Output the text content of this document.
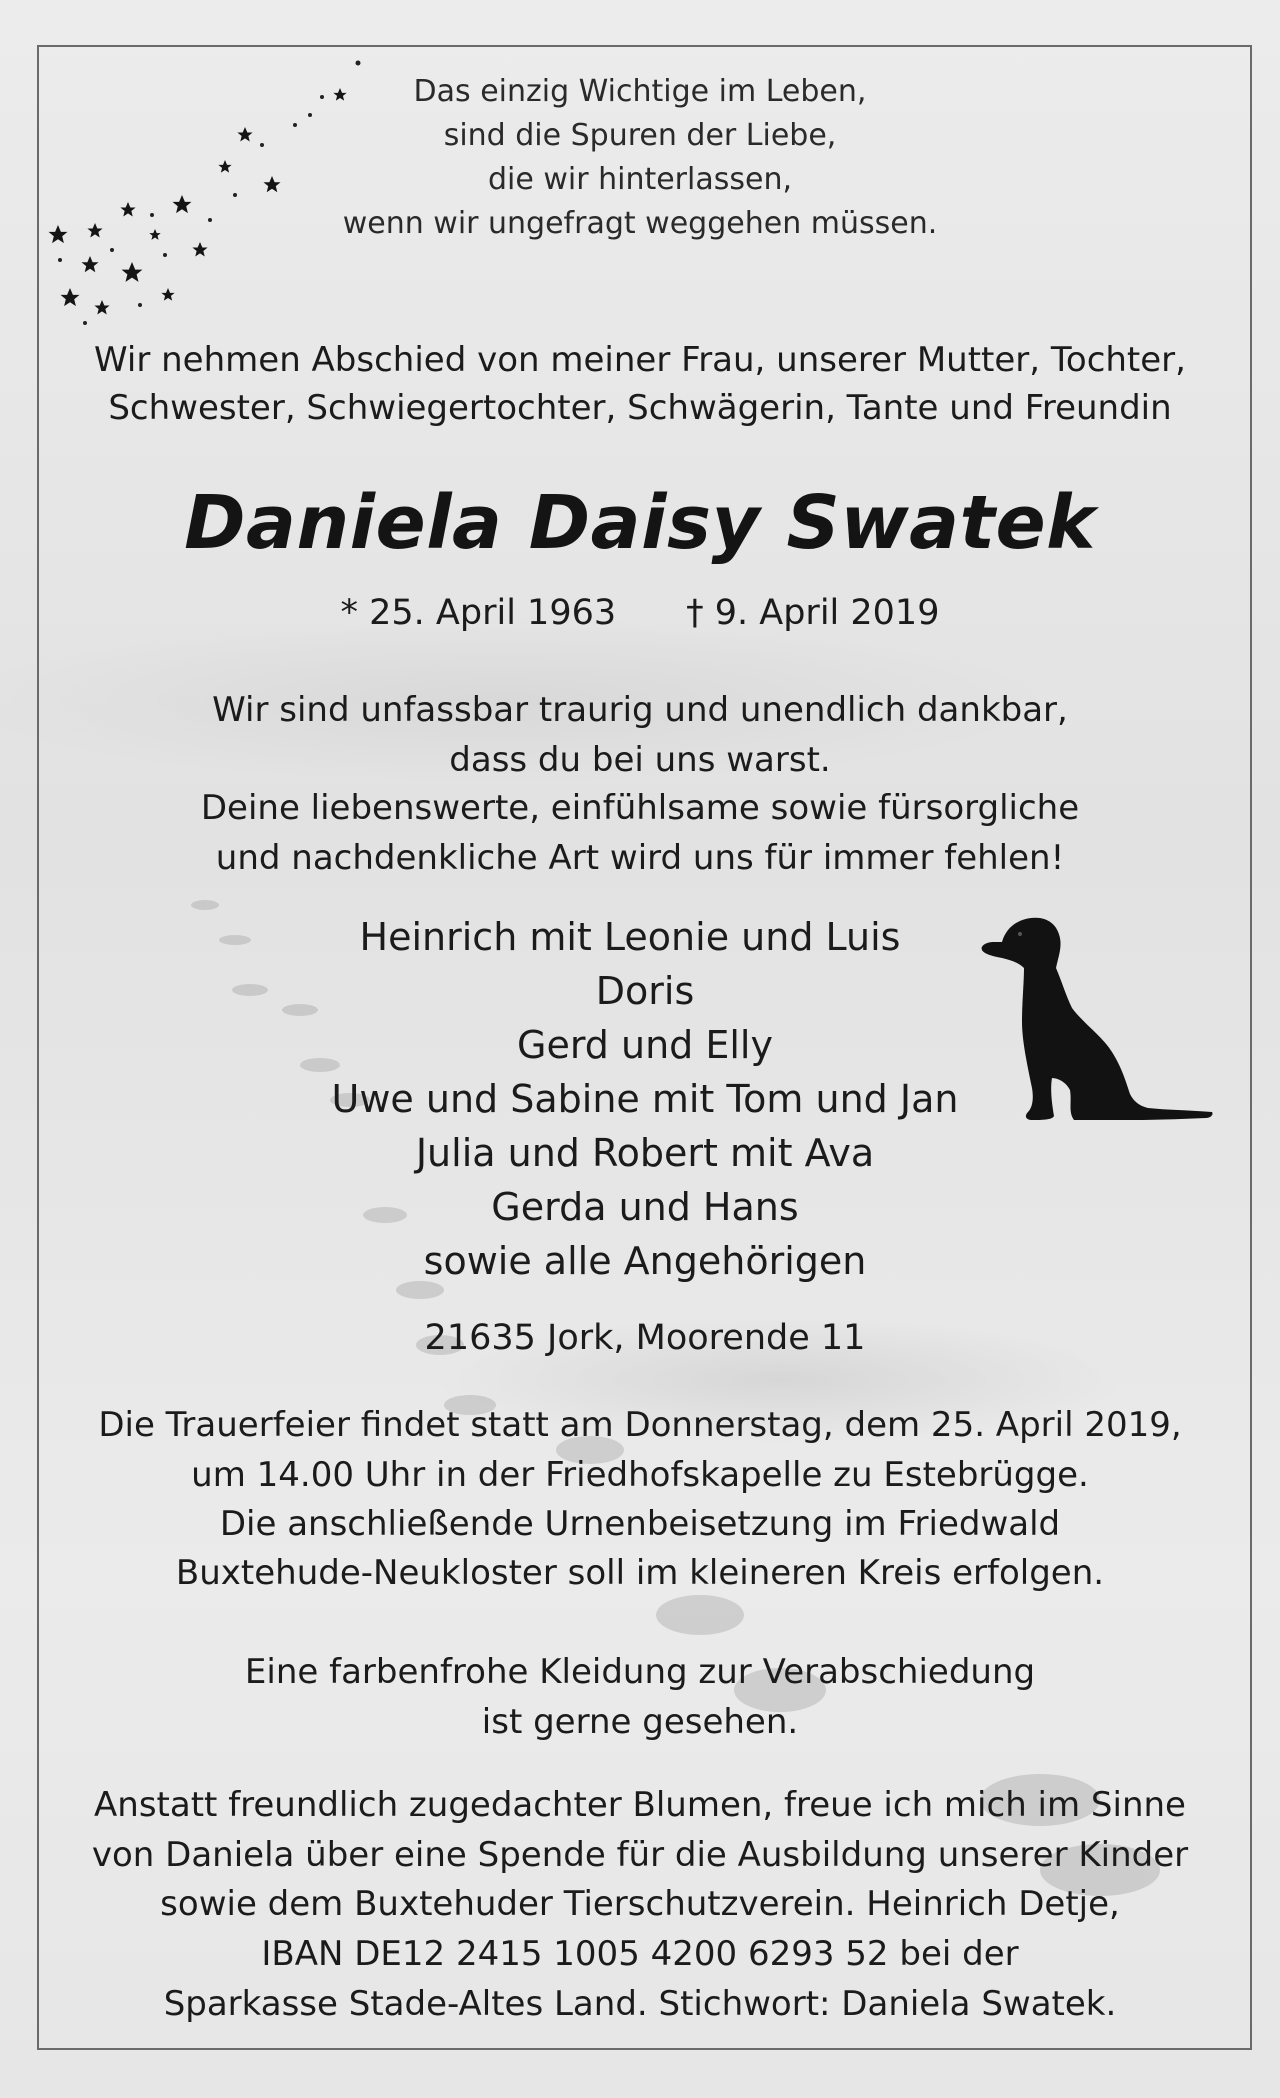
Das einzig Wichtige im Leben,

sind die Spuren der Liebe,

die wir hinterlassen,

wenn wir ungefragt weggehen müssen.

Wir nehmen Abschied von meiner Frau, unserer Mutter, Tochter,

Schwester, Schwiegertochter, Schwägerin, Tante und Freundin

Daniela Daisy Swatek

* 25. April 1963 † 9. April 2019

Wir sind unfassbar traurig und unendlich dankbar,

dass du bei uns warst.

Deine liebenswerte, einfühlsame sowie fürsorgliche

und nachdenkliche Art wird uns für immer fehlen!

Heinrich mit Leonie und Luis

Doris

Gerd und Elly

Uwe und Sabine mit Tom und Jan

Julia und Robert mit Ava

Gerda und Hans

sowie alle Angehörigen

21635 Jork, Moorende 11

Die Trauerfeier findet statt am Donnerstag, dem 25. April 2019,

um 14.00 Uhr in der Friedhofskapelle zu Estebrügge.

Die anschließende Urnenbeisetzung im Friedwald

Buxtehude-Neukloster soll im kleineren Kreis erfolgen.

Eine farbenfrohe Kleidung zur Verabschiedung

ist gerne gesehen.

Anstatt freundlich zugedachter Blumen, freue ich mich im Sinne

von Daniela über eine Spende für die Ausbildung unserer Kinder

sowie dem Buxtehuder Tierschutzverein. Heinrich Detje,

IBAN DE12 2415 1005 4200 6293 52 bei der

Sparkasse Stade-Altes Land. Stichwort: Daniela Swatek.
